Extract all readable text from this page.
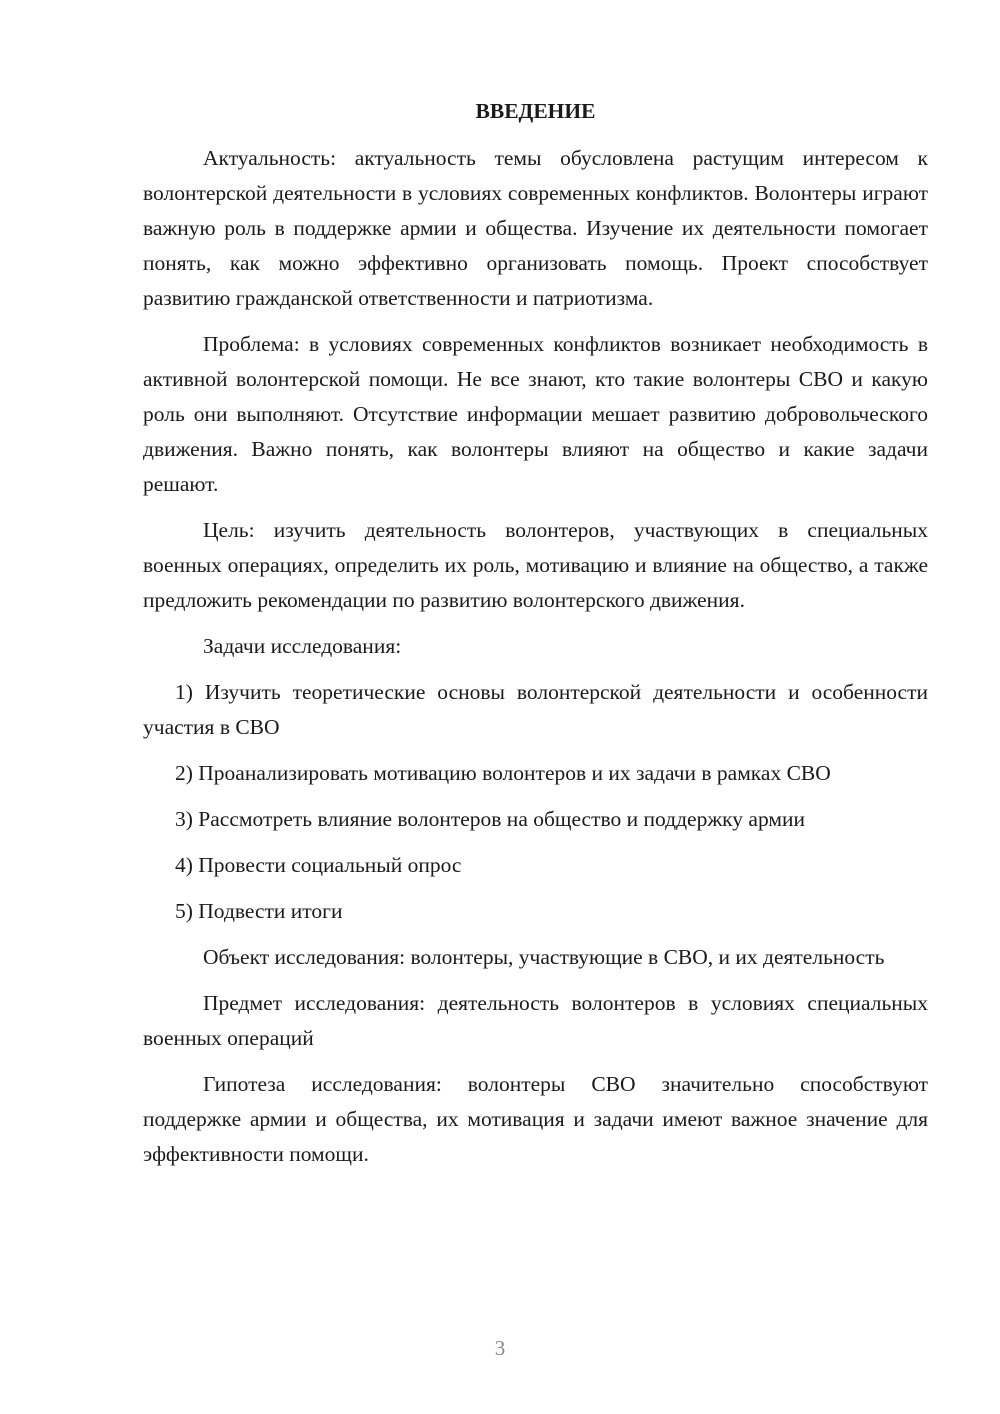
ВВЕДЕНИЕ

Актуальность: актуальность темы обусловлена растущим интересом к волонтерской деятельности в условиях современных конфликтов. Волонтеры играют важную роль в поддержке армии и общества. Изучение их деятельности помогает понять, как можно эффективно организовать помощь. Проект способствует развитию гражданской ответственности и патриотизма.

Проблема: в условиях современных конфликтов возникает необходимость в активной волонтерской помощи. Не все знают, кто такие волонтеры СВО и какую роль они выполняют. Отсутствие информации мешает развитию добровольческого движения. Важно понять, как волонтеры влияют на общество и какие задачи решают.

Цель: изучить деятельность волонтеров, участвующих в специальных военных операциях, определить их роль, мотивацию и влияние на общество, а также предложить рекомендации по развитию волонтерского движения.

Задачи исследования:

1) Изучить теоретические основы волонтерской деятельности и особенности участия в СВО

2) Проанализировать мотивацию волонтеров и их задачи в рамках СВО

3) Рассмотреть влияние волонтеров на общество и поддержку армии

4) Провести социальный опрос

5) Подвести итоги

Объект исследования: волонтеры, участвующие в СВО, и их деятельность

Предмет исследования: деятельность волонтеров в условиях специальных военных операций

Гипотеза исследования: волонтеры СВО значительно способствуют поддержке армии и общества, их мотивация и задачи имеют важное значение для эффективности помощи.

3
